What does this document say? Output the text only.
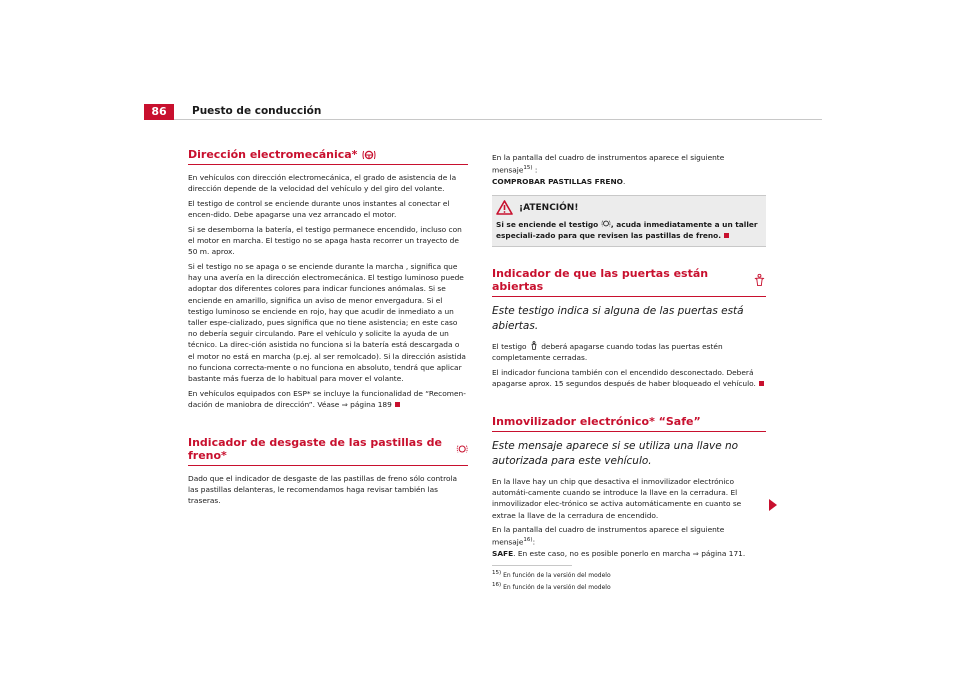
86	Puesto de conducción
Dirección electromecánica*

En vehículos con dirección electromecánica, el grado de asistencia de la dirección depende de la velocidad del vehículo y del giro del volante.

El testigo de control se enciende durante unos instantes al conectar el encen-dido. Debe apagarse una vez arrancado el motor.

Si se desemborna la batería, el testigo permanece encendido, incluso con el motor en marcha. El testigo no se apaga hasta recorrer un trayecto de 50 m. aprox.

Si el testigo no se apaga o se enciende durante la marcha , significa que hay una avería en la dirección electromecánica. El testigo luminoso puede adoptar dos diferentes colores para indicar funciones anómalas. Si se enciende en amarillo, significa un aviso de menor envergadura. Si el testigo luminoso se enciende en rojo, hay que acudir de inmediato a un taller espe-cializado, pues significa que no tiene asistencia; en este caso no debería seguir circulando. Pare el vehículo y solicite la ayuda de un técnico. La direc-ción asistida no funciona si la batería está descargada o el motor no está en marcha (p.ej. al ser remolcado). Si la dirección asistida no funciona correcta-mente o no funciona en absoluto, tendrá que aplicar bastante más fuerza de lo habitual para mover el volante.

En vehículos equipados con ESP* se incluye la funcionalidad de “Recomen-dación de maniobra de dirección”. Véase ⇒ página 189

Indicador de desgaste de las pastillas de freno*

Dado que el indicador de desgaste de las pastillas de freno sólo controla las pastillas delanteras, le recomendamos haga revisar también las traseras.

En la pantalla del cuadro de instrumentos aparece el siguiente mensaje$^{15)}$ :
COMPROBAR PASTILLAS FRENO.

¡ATENCIÓN!

Si se enciende el testigo , acuda inmediatamente a un taller especiali-zado para que revisen las pastillas de freno.

Indicador de que las puertas están abiertas
Este testigo indica si alguna de las puertas está abiertas.

El testigo  deberá apagarse cuando todas las puertas estén completamente cerradas.

El indicador funciona también con el encendido desconectado. Deberá apagarse aprox. 15 segundos después de haber bloqueado el vehículo.

Inmovilizador electrónico* “Safe”
Este mensaje aparece si se utiliza una llave no autorizada para este vehículo.

En la llave hay un chip que desactiva el inmovilizador electrónico automáti-camente cuando se introduce la llave en la cerradura. El inmovilizador elec-trónico se activa automáticamente en cuanto se extrae la llave de la cerradura de encendido.

En la pantalla del cuadro de instrumentos aparece el siguiente mensaje$^{16)}$:
SAFE. En este caso, no es posible ponerlo en marcha ⇒ página 171.

$^{15)}$ En función de la versión del modelo
$^{16)}$ En función de la versión del modelo
